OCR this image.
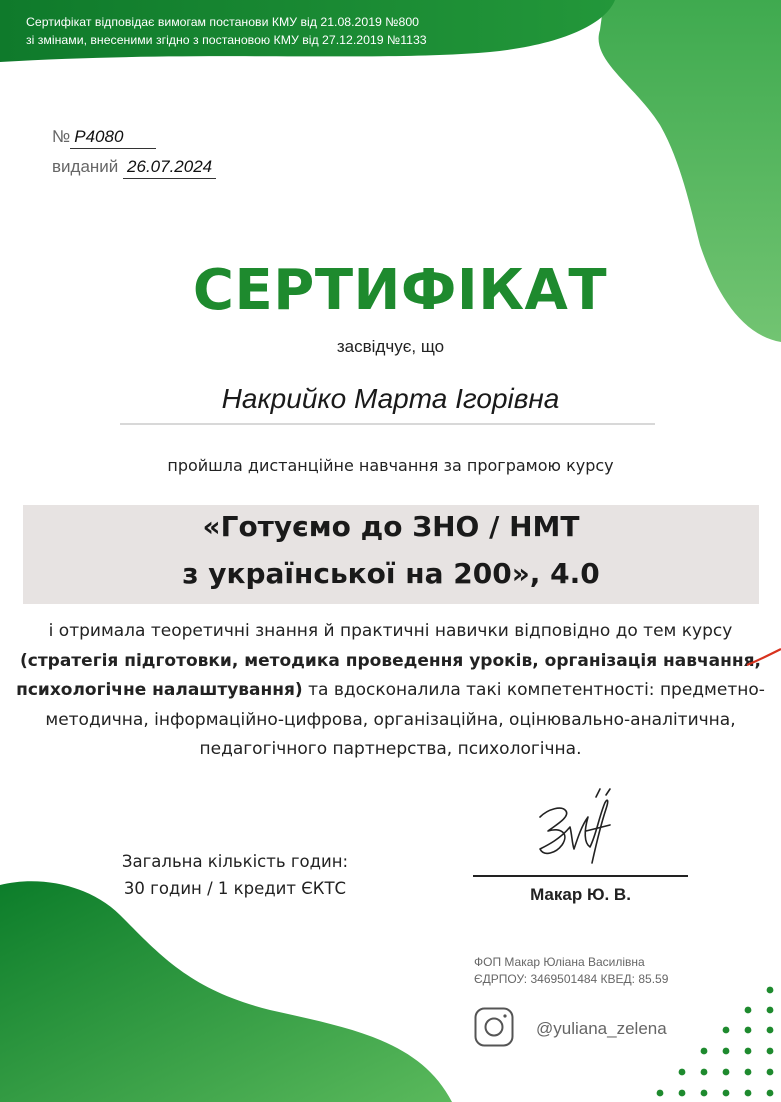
Сертифікат відповідає вимогам постанови КМУ від 21.08.2019 №800
зі змінами, внесеними згідно з постановою КМУ від 27.12.2019 №1133
№ Р4080
виданий 26.07.2024
СЕРТИФІКАТ
засвідчує, що
Накрийко Марта Ігорівна
пройшла дистанційне навчання за програмою курсу
«Готуємо до ЗНО / НМТ
з української на 200», 4.0
і отримала теоретичні знання й практичні навички відповідно до тем курсу (стратегія підготовки, методика проведення уроків, організація навчання, психологічне налаштування) та вдосконалила такі компетентності: предметно-методична, інформаційно-цифрова, організаційна, оцінювально-аналітична, педагогічного партнерства, психологічна.
Загальна кількість годин:
30 годин / 1 кредит ЄКТС	Макар Ю. В.
ФОП Макар Юліана Василівна
ЄДРПОУ: 3469501484 КВЕД: 85.59
@yuliana_zelena
